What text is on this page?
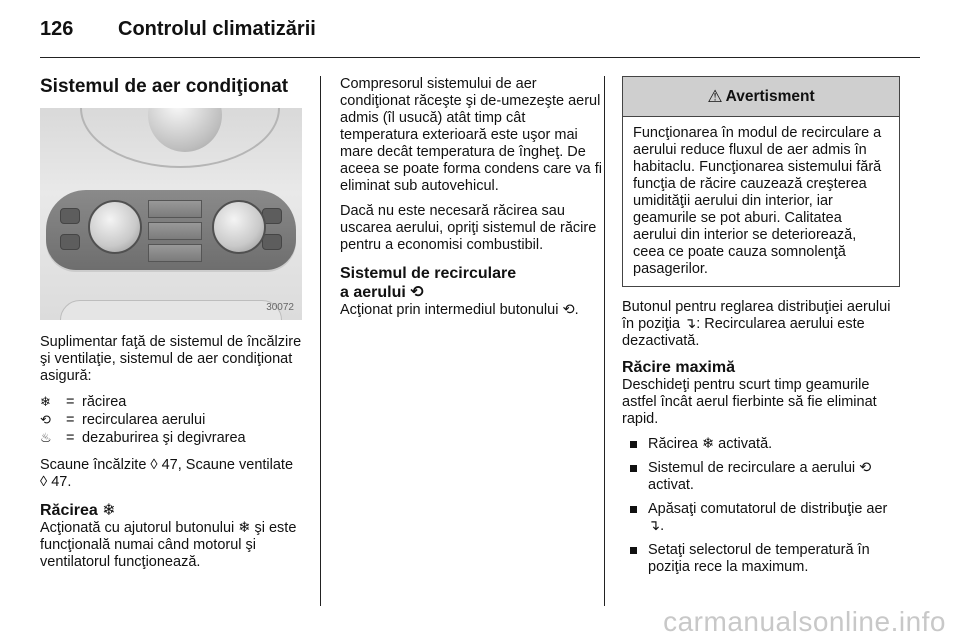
126	Controlul climatizării
Sistemul de aer condiţionat
30072

Suplimentar faţă de sistemul de încălzire şi ventilaţie, sistemul de aer condiţionat asigură:

❄	= răcirea
⟲	= recircularea aerului
♨ = dezaburirea şi degivrarea

Scaune încălzite ◊ 47, Scaune ventilate ◊ 47.

Răcirea ❄

Acţionată cu ajutorul butonului ❄ şi este funcţională numai când motorul şi ventilatorul funcţionează.

Compresorul sistemului de aer condiţionat răceşte şi de-umezeşte aerul admis (îl usucă) atât timp cât temperatura exterioară este uşor mai mare decât temperatura de îngheţ. De aceea se poate forma condens care va fi eliminat sub autovehicul.

Dacă nu este necesară răcirea sau uscarea aerului, opriţi sistemul de răcire pentru a economisi combustibil.

Sistemul de recirculare
a aerului ⟲

Acţionat prin intermediul butonului ⟲.

⚠ Avertisment
Funcţionarea în modul de recirculare a aerului reduce fluxul de aer admis în habitaclu. Funcţionarea sistemului fără funcţia de răcire cauzează creşterea umidităţii aerului din interior, iar geamurile se pot aburi. Calitatea aerului din interior se deteriorează, ceea ce poate cauza somnolenţă pasagerilor.

Butonul pentru reglarea distribuţiei aerului în poziţia ↴: Recircularea aerului este dezactivată.

Răcire maximă

Deschideţi pentru scurt timp geamurile astfel încât aerul fierbinte să fie eliminat rapid.

Răcirea ❄ activată.
Sistemul de recirculare a aerului ⟲ activat.
Apăsaţi comutatorul de distribuţie aer ↴.
Setaţi selectorul de temperatură în poziţia rece la maximum.
carmanualsonline.info
